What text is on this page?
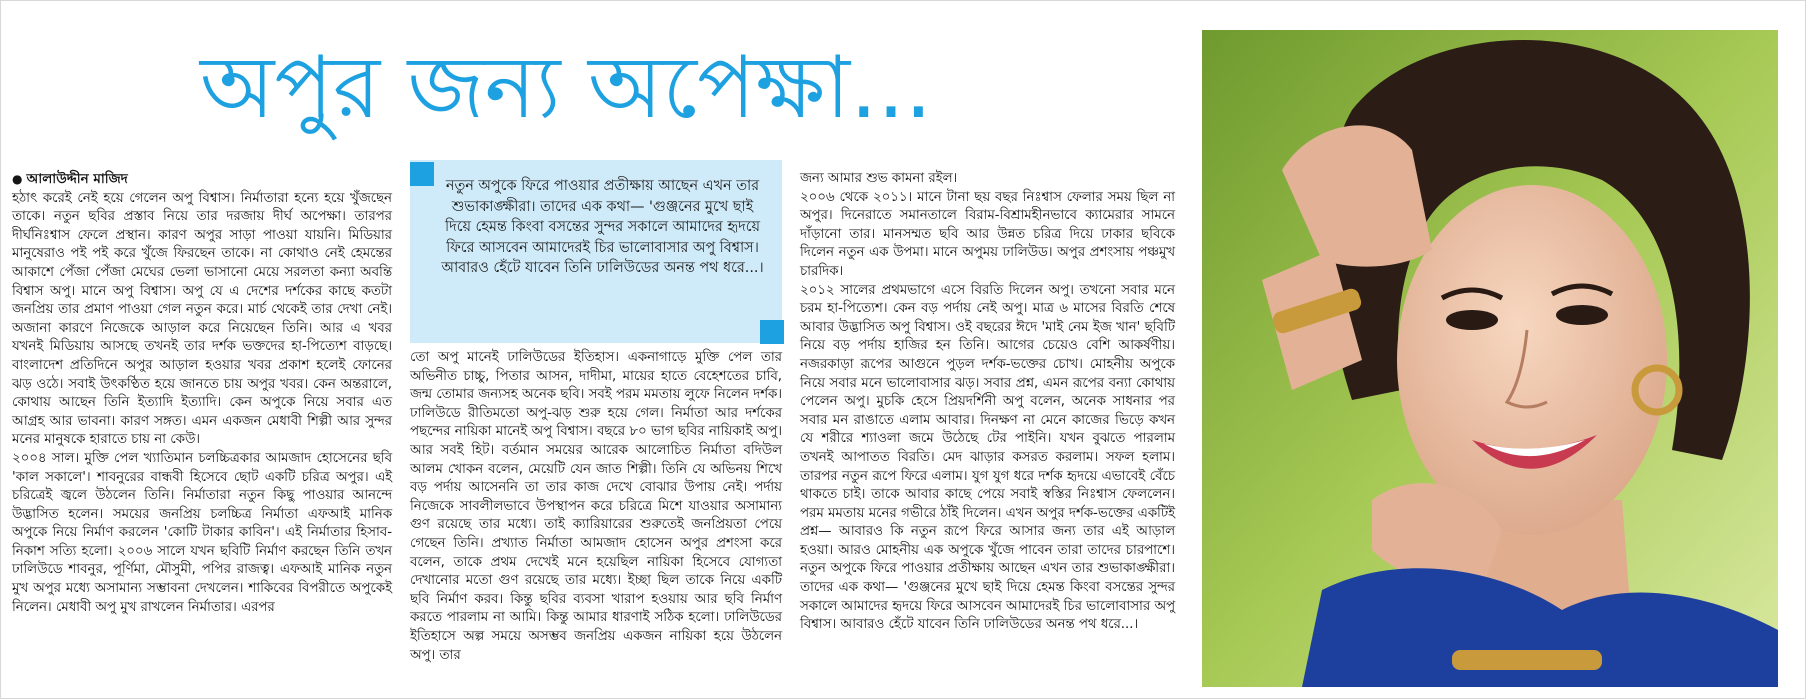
অপুর জন্য অপেক্ষা...
● আলাউদ্দীন মাজিদ

হঠাৎ করেই নেই হয়ে গেলেন অপু বিশ্বাস। নির্মাতারা হন্যে হয়ে খুঁজছেন তাকে। নতুন ছবির প্রস্তাব নিয়ে তার দরজায় দীর্ঘ অপেক্ষা। তারপর দীর্ঘনিঃশ্বাস ফেলে প্রস্থান। কারণ অপুর সাড়া পাওয়া যায়নি। মিডিয়ার মানুষেরাও পই পই করে খুঁজে ফিরছেন তাকে। না কোথাও নেই হেমন্তের আকাশে পেঁজা পেঁজা মেঘের ভেলা ভাসানো মেয়ে সরলতা কন্যা অবন্তি বিশ্বাস অপু। মানে অপু বিশ্বাস। অপু যে এ দেশের দর্শকের কাছে কতটা জনপ্রিয় তার প্রমাণ পাওয়া গেল নতুন করে। মার্চ থেকেই তার দেখা নেই। অজানা কারণে নিজেকে আড়াল করে নিয়েছেন তিনি। আর এ খবর যখনই মিডিয়ায় আসছে তখনই তার দর্শক ভক্তদের হা-পিত্যেশ বাড়ছে। বাংলাদেশ প্রতিদিনে অপুর আড়াল হওয়ার খবর প্রকাশ হলেই ফোনের ঝড় ওঠে। সবাই উৎকণ্ঠিত হয়ে জানতে চায় অপুর খবর। কেন অন্তরালে, কোথায় আছেন তিনি ইত্যাদি ইত্যাদি। কেন অপুকে নিয়ে সবার এত আগ্রহ আর ভাবনা। কারণ সঙ্গত। এমন একজন মেধাবী শিল্পী আর সুন্দর মনের মানুষকে হারাতে চায় না কেউ।

২০০৪ সাল। মুক্তি পেল খ্যাতিমান চলচ্চিত্রকার আমজাদ হোসেনের ছবি 'কাল সকালে'। শাবনুরের বান্ধবী হিসেবে ছোট একটি চরিত্র অপুর। এই চরিত্রেই জ্বলে উঠলেন তিনি। নির্মাতারা নতুন কিছু পাওয়ার আনন্দে উদ্ভাসিত হলেন। সময়ের জনপ্রিয় চলচ্চিত্র নির্মাতা এফআই মানিক অপুকে নিয়ে নির্মাণ করলেন 'কোটি টাকার কাবিন'। এই নির্মাতার হিসাব-নিকাশ সত্যি হলো। ২০০৬ সালে যখন ছবিটি নির্মাণ করছেন তিনি তখন ঢালিউডে শাবনুর, পূর্ণিমা, মৌসুমী, পপির রাজত্ব। এফআই মানিক নতুন মুখ অপুর মধ্যে অসামান্য সম্ভাবনা দেখলেন। শাকিবের বিপরীতে অপুকেই নিলেন। মেধাবী অপু মুখ রাখলেন নির্মাতার। এরপর

নতুন অপুকে ফিরে পাওয়ার প্রতীক্ষায় আছেন এখন তার শুভাকাঙ্ক্ষীরা। তাদের এক কথা— 'গুঞ্জনের মুখে ছাই দিয়ে হেমন্ত কিংবা বসন্তের সুন্দর সকালে আমাদের হৃদয়ে ফিরে আসবেন আমাদেরই চির ভালোবাসার অপু বিশ্বাস। আবারও হেঁটে যাবেন তিনি ঢালিউডের অনন্ত পথ ধরে...।

তো অপু মানেই ঢালিউডের ইতিহাস। একনাগাড়ে মুক্তি পেল তার অভিনীত চাচ্চু, পিতার আসন, দাদীমা, মায়ের হাতে বেহেশতের চাবি, জন্ম তোমার জন্যসহ অনেক ছবি। সবই পরম মমতায় লুফে নিলেন দর্শক। ঢালিউডে রীতিমতো অপু-ঝড় শুরু হয়ে গেল। নির্মাতা আর দর্শকের পছন্দের নায়িকা মানেই অপু বিশ্বাস। বছরে ৮০ ভাগ ছবির নায়িকাই অপু। আর সবই হিট। বর্তমান সময়ের আরেক আলোচিত নির্মাতা বদিউল আলম খোকন বলেন, মেয়েটি যেন জাত শিল্পী। তিনি যে অভিনয় শিখে বড় পর্দায় আসেননি তা তার কাজ দেখে বোঝার উপায় নেই। পর্দায় নিজেকে সাবলীলভাবে উপস্থাপন করে চরিত্রে মিশে যাওয়ার অসামান্য গুণ রয়েছে তার মধ্যে। তাই ক্যারিয়ারের শুরুতেই জনপ্রিয়তা পেয়ে গেছেন তিনি। প্রখ্যাত নির্মাতা আমজাদ হোসেন অপুর প্রশংসা করে বলেন, তাকে প্রথম দেখেই মনে হয়েছিল নায়িকা হিসেবে যোগ্যতা দেখানোর মতো গুণ রয়েছে তার মধ্যে। ইচ্ছা ছিল তাকে নিয়ে একটি ছবি নির্মাণ করব। কিন্তু ছবির ব্যবসা খারাপ হওয়ায় আর ছবি নির্মাণ করতে পারলাম না আমি। কিন্তু আমার ধারণাই সঠিক হলো। ঢালিউডের ইতিহাসে অল্প সময়ে অসম্ভব জনপ্রিয় একজন নায়িকা হয়ে উঠলেন অপু। তার

জন্য আমার শুভ কামনা রইল।

২০০৬ থেকে ২০১১। মানে টানা ছয় বছর নিঃশ্বাস ফেলার সময় ছিল না অপুর। দিনেরাতে সমানতালে বিরাম-বিশ্রামহীনভাবে ক্যামেরার সামনে দাঁড়ানো তার। মানসম্মত ছবি আর উন্নত চরিত্র দিয়ে ঢাকার ছবিকে দিলেন নতুন এক উপমা। মানে অপুময় ঢালিউড। অপুর প্রশংসায় পঞ্চমুখ চারদিক।

২০১২ সালের প্রথমভাগে এসে বিরতি দিলেন অপু। তখনো সবার মনে চরম হা-পিত্যেশ। কেন বড় পর্দায় নেই অপু। মাত্র ৬ মাসের বিরতি শেষে আবার উদ্ভাসিত অপু বিশ্বাস। ওই বছরের ঈদে 'মাই নেম ইজ খান' ছবিটি নিয়ে বড় পর্দায় হাজির হন তিনি। আগের চেয়েও বেশি আকর্ষণীয়। নজরকাড়া রূপের আগুনে পুড়ল দর্শক-ভক্তের চোখ। মোহনীয় অপুকে নিয়ে সবার মনে ভালোবাসার ঝড়। সবার প্রশ্ন, এমন রূপের বন্যা কোথায় পেলেন অপু। মুচকি হেসে প্রিয়দর্শিনী অপু বলেন, অনেক সাধনার পর সবার মন রাঙাতে এলাম আবার। দিনক্ষণ না মেনে কাজের ভিড়ে কখন যে শরীরে শ্যাওলা জমে উঠেছে টের পাইনি। যখন বুঝতে পারলাম তখনই আপাতত বিরতি। মেদ ঝাড়ার কসরত করলাম। সফল হলাম। তারপর নতুন রূপে ফিরে এলাম। যুগ যুগ ধরে দর্শক হৃদয়ে এভাবেই বেঁচে থাকতে চাই। তাকে আবার কাছে পেয়ে সবাই স্বস্তির নিঃশ্বাস ফেললেন। পরম মমতায় মনের গভীরে ঠাঁই দিলেন। এখন অপুর দর্শক-ভক্তের একটিই প্রশ্ন— আবারও কি নতুন রূপে ফিরে আসার জন্য তার এই আড়াল হওয়া। আরও মোহনীয় এক অপুকে খুঁজে পাবেন তারা তাদের চারপাশে। নতুন অপুকে ফিরে পাওয়ার প্রতীক্ষায় আছেন এখন তার শুভাকাঙ্ক্ষীরা। তাদের এক কথা— 'গুঞ্জনের মুখে ছাই দিয়ে হেমন্ত কিংবা বসন্তের সুন্দর সকালে আমাদের হৃদয়ে ফিরে আসবেন আমাদেরই চির ভালোবাসার অপু বিশ্বাস। আবারও হেঁটে যাবেন তিনি ঢালিউডের অনন্ত পথ ধরে...।
